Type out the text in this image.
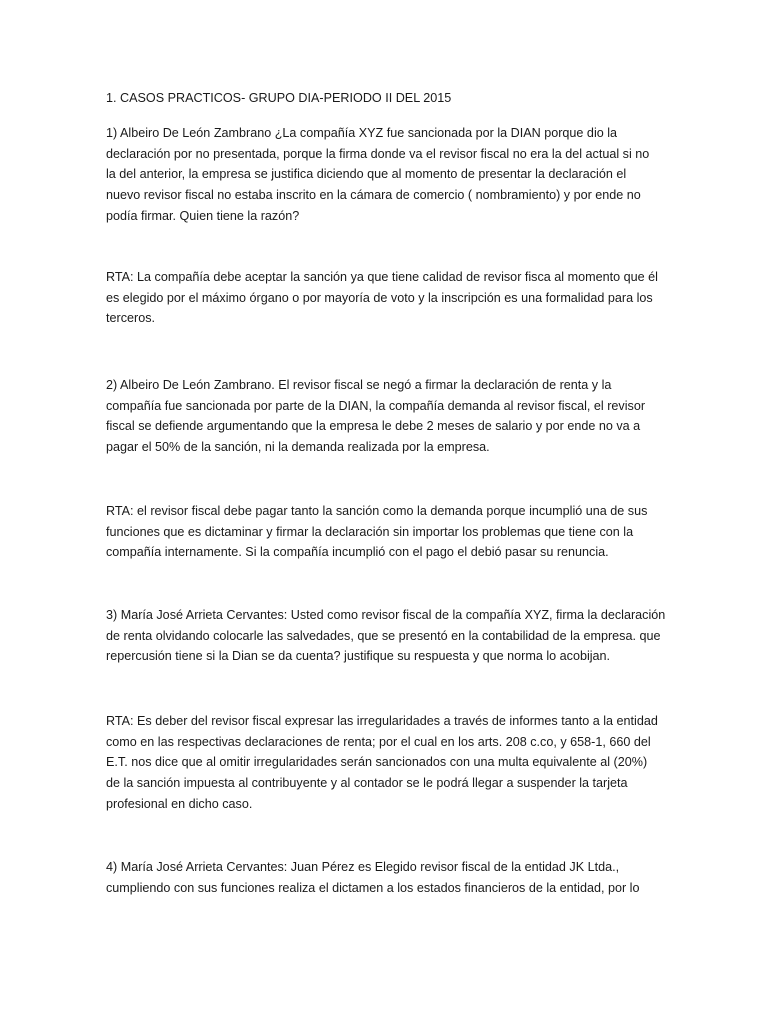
1. CASOS PRACTICOS- GRUPO DIA-PERIODO II DEL 2015
1) Albeiro De León Zambrano ¿La compañía XYZ fue sancionada por la DIAN porque dio la
declaración por no presentada, porque la firma donde va el revisor fiscal no era la del actual si no
la del anterior, la empresa se justifica diciendo que al momento de presentar la declaración el
nuevo revisor fiscal no estaba inscrito en la cámara de comercio ( nombramiento) y por ende no
podía firmar. Quien tiene la razón?
RTA: La compañía debe aceptar la sanción ya que tiene calidad de revisor fisca al momento que él
es elegido por el máximo órgano o por mayoría de voto y la inscripción es una formalidad para los
terceros.
2) Albeiro De León Zambrano. El revisor fiscal se negó a firmar la declaración de renta y la
compañía fue sancionada por parte de la DIAN, la compañía demanda al revisor fiscal, el revisor
fiscal se defiende argumentando que la empresa le debe 2 meses de salario y por ende no va a
pagar el 50% de la sanción, ni la demanda realizada por la empresa.
RTA: el revisor fiscal debe pagar tanto la sanción como la demanda porque incumplió una de sus
funciones que es dictaminar y firmar la declaración sin importar los problemas que tiene con la
compañía internamente. Si la compañía incumplió con el pago el debió pasar su renuncia.
3) María José Arrieta Cervantes: Usted como revisor fiscal de la compañía XYZ, firma la declaración
de renta olvidando colocarle las salvedades, que se presentó en la contabilidad de la empresa. que
repercusión tiene si la Dian se da cuenta? justifique su respuesta y que norma lo acobijan.
RTA: Es deber del revisor fiscal expresar las irregularidades a través de informes tanto a la entidad
como en las respectivas declaraciones de renta; por el cual en los arts. 208 c.co, y 658-1, 660 del
E.T. nos dice que al omitir irregularidades serán sancionados con una multa equivalente al (20%)
de la sanción impuesta al contribuyente y al contador se le podrá llegar a suspender la tarjeta
profesional en dicho caso.
4) María José Arrieta Cervantes: Juan Pérez es Elegido revisor fiscal de la entidad JK Ltda.,
cumpliendo con sus funciones realiza el dictamen a los estados financieros de la entidad, por lo
